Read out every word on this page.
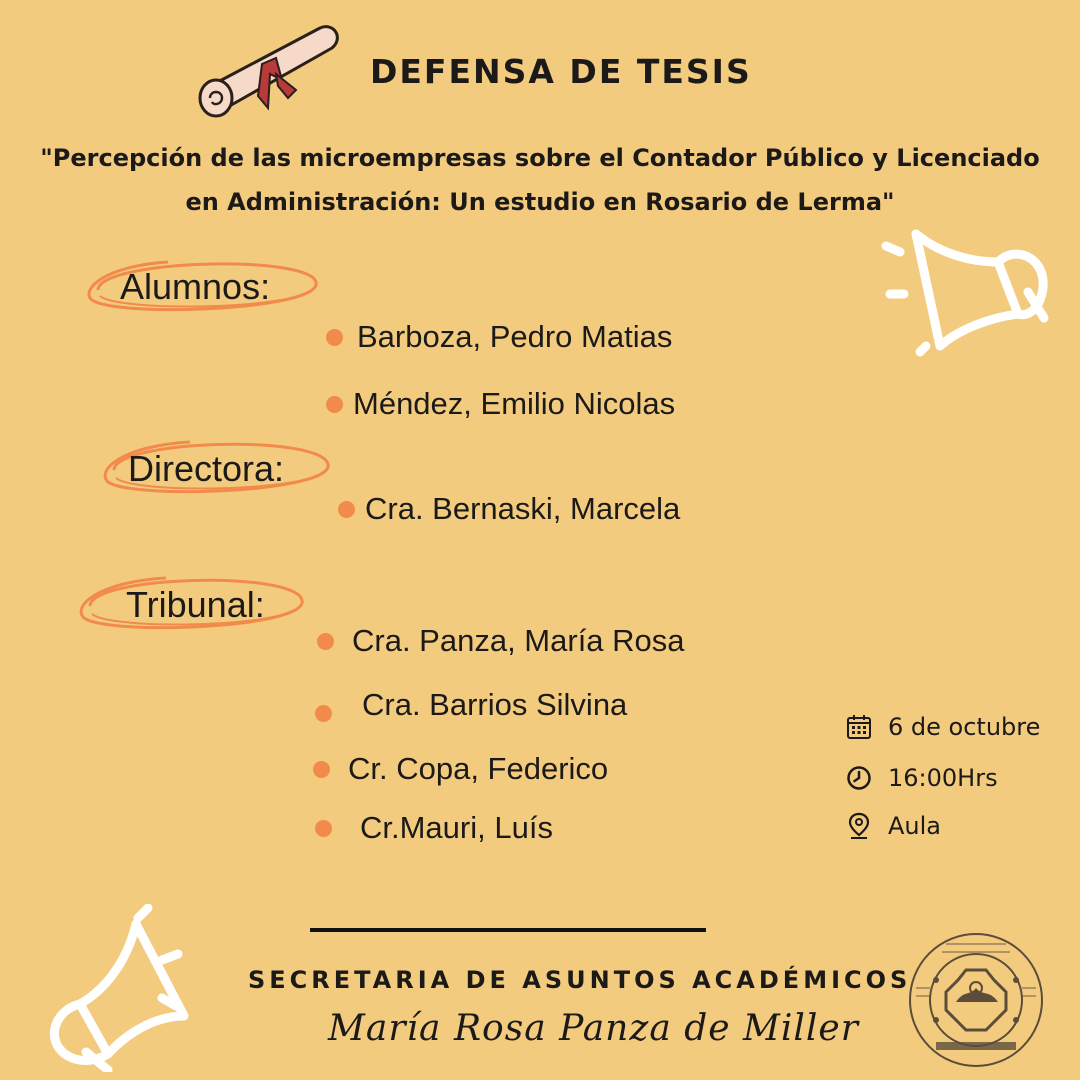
DEFENSA DE TESIS
"Percepción de las microempresas sobre el Contador Público y Licenciado
en Administración: Un estudio en Rosario de Lerma"
Alumnos:
Barboza, Pedro Matias
Méndez, Emilio Nicolas
Directora:
Cra. Bernaski, Marcela
Tribunal:
Cra. Panza, María Rosa
Cra. Barrios Silvina
Cr. Copa, Federico
Cr.Mauri, Luís
6 de octubre
16:00Hrs
Aula
SECRETARIA DE ASUNTOS ACADÉMICOS
María Rosa Panza de Miller
